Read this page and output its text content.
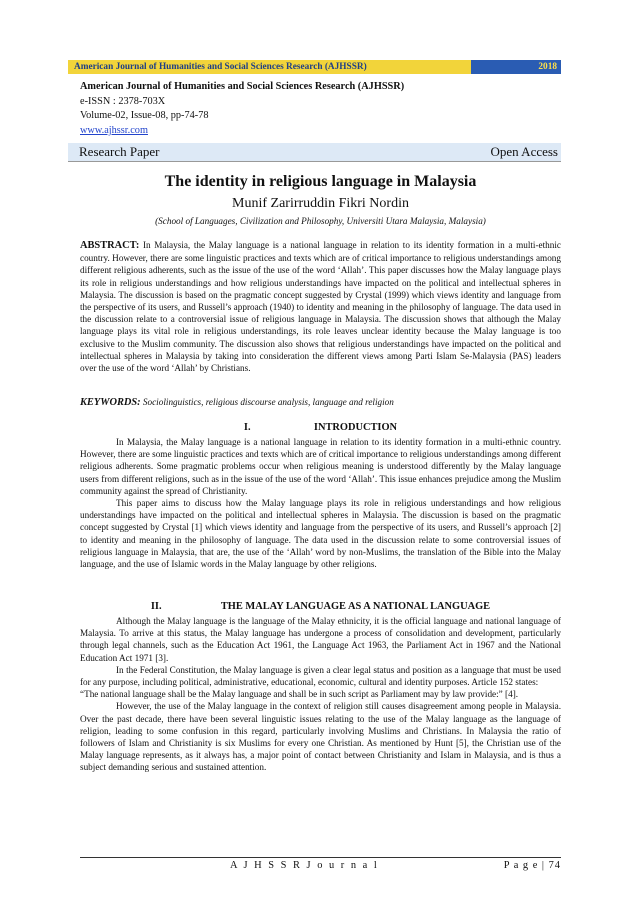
American Journal of Humanities and Social Sciences Research (AJHSSR)	2018
American Journal of Humanities and Social Sciences Research (AJHSSR)
e-ISSN : 2378-703X
Volume-02, Issue-08, pp-74-78
www.ajhssr.com
Research Paper	Open Access
The identity in religious language in Malaysia
Munif Zarirruddin Fikri Nordin
(School of Languages, Civilization and Philosophy, Universiti Utara Malaysia, Malaysia)
ABSTRACT: In Malaysia, the Malay language is a national language in relation to its identity formation in a multi-ethnic country. However, there are some linguistic practices and texts which are of critical importance to religious understandings among different religious adherents, such as the issue of the use of the word ‘Allah’. This paper discusses how the Malay language plays its role in religious understandings and how religious understandings have impacted on the political and intellectual spheres in Malaysia. The discussion is based on the pragmatic concept suggested by Crystal (1999) which views identity and language from the perspective of its users, and Russell’s approach (1940) to identity and meaning in the philosophy of language. The data used in the discussion relate to a controversial issue of religious language in Malaysia. The discussion shows that although the Malay language plays its vital role in religious understandings, its role leaves unclear identity because the Malay language is too exclusive to the Muslim community. The discussion also shows that religious understandings have impacted on the political and intellectual spheres in Malaysia by taking into consideration the different views among Parti Islam Se-Malaysia (PAS) leaders over the use of the word ‘Allah’ by Christians.
KEYWORDS: Sociolinguistics, religious discourse analysis, language and religion
I.	INTRODUCTION

In Malaysia, the Malay language is a national language in relation to its identity formation in a multi-ethnic country. However, there are some linguistic practices and texts which are of critical importance to religious understandings among different religious adherents. Some pragmatic problems occur when religious meaning is understood differently by the Malay language users from different religions, such as in the issue of the use of the word ‘Allah’. This issue enhances prejudice among the Muslim community against the spread of Christianity.

This paper aims to discuss how the Malay language plays its role in religious understandings and how religious understandings have impacted on the political and intellectual spheres in Malaysia. The discussion is based on the pragmatic concept suggested by Crystal [1] which views identity and language from the perspective of its users, and Russell’s approach [2] to identity and meaning in the philosophy of language. The data used in the discussion relate to some controversial issues of religious language in Malaysia, that are, the use of the ‘Allah’ word by non-Muslims, the translation of the Bible into the Malay language, and the use of Islamic words in the Malay language by other religions.

II.	THE MALAY LANGUAGE AS A NATIONAL LANGUAGE

Although the Malay language is the language of the Malay ethnicity, it is the official language and national language of Malaysia. To arrive at this status, the Malay language has undergone a process of consolidation and development, particularly through legal channels, such as the Education Act 1961, the Language Act 1963, the Parliament Act in 1967 and the National Education Act 1971 [3].

In the Federal Constitution, the Malay language is given a clear legal status and position as a language that must be used for any purpose, including political, administrative, educational, economic, cultural and identity purposes. Article 152 states:

“The national language shall be the Malay language and shall be in such script as Parliament may by law provide:” [4].

However, the use of the Malay language in the context of religion still causes disagreement among people in Malaysia. Over the past decade, there have been several linguistic issues relating to the use of the Malay language as the language of religion, leading to some confusion in this regard, particularly involving Muslims and Christians. In Malaysia the ratio of followers of Islam and Christianity is six Muslims for every one Christian. As mentioned by Hunt [5], the Christian use of the Malay language represents, as it always has, a major point of contact between Christianity and Islam in Malaysia, and is thus a subject demanding serious and sustained attention.

A J H S S R J o u r n a l	P a g e | 74
